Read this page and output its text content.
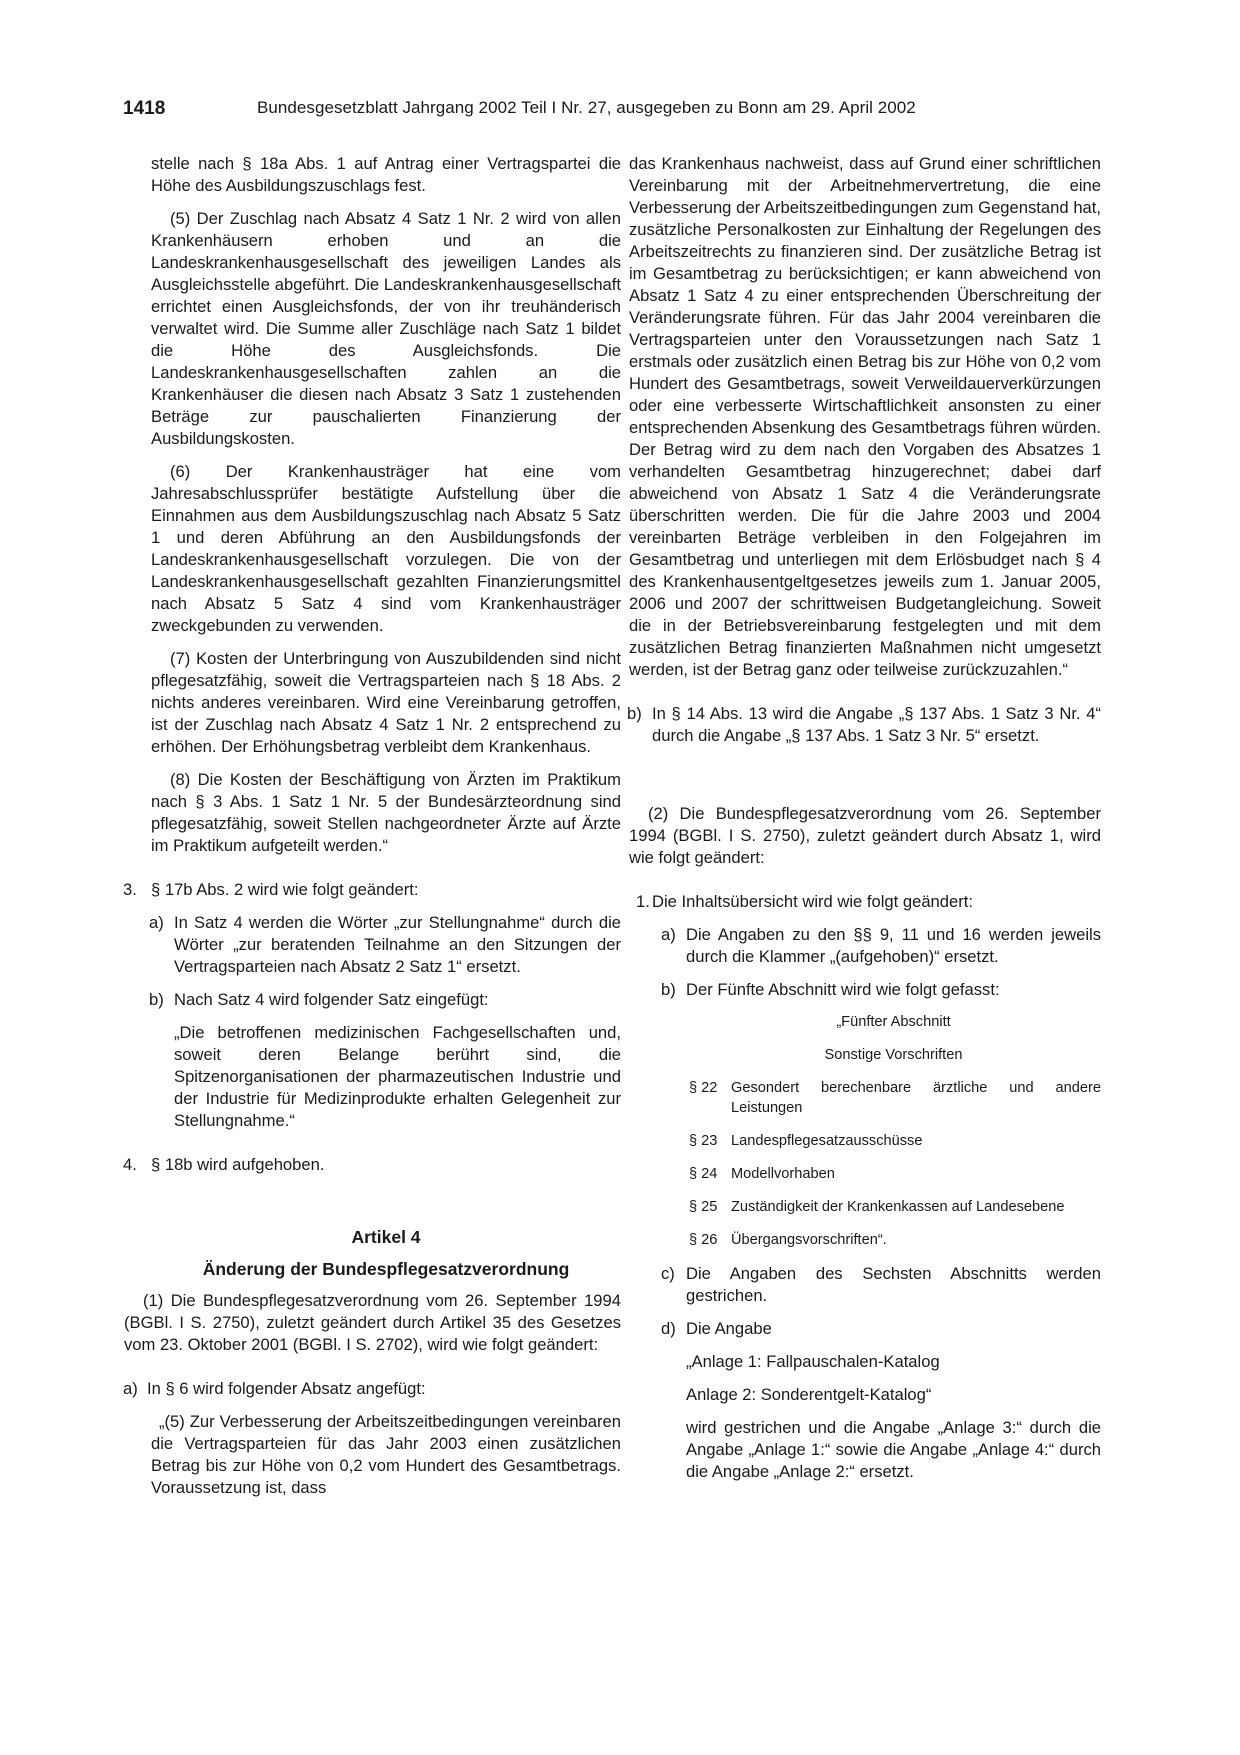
1418	Bundesgesetzblatt Jahrgang 2002 Teil I Nr. 27, ausgegeben zu Bonn am 29. April 2002

stelle nach § 18a Abs. 1 auf Antrag einer Vertragspartei die Höhe des Ausbildungszuschlags fest.

(5) Der Zuschlag nach Absatz 4 Satz 1 Nr. 2 wird von allen Krankenhäusern erhoben und an die Landeskrankenhausgesellschaft des jeweiligen Landes als Ausgleichsstelle abgeführt. Die Landeskrankenhausgesellschaft errichtet einen Ausgleichsfonds, der von ihr treuhänderisch verwaltet wird. Die Summe aller Zuschläge nach Satz 1 bildet die Höhe des Ausgleichsfonds. Die Landeskrankenhausgesellschaften zahlen an die Krankenhäuser die diesen nach Absatz 3 Satz 1 zustehenden Beträge zur pauschalierten Finanzierung der Ausbildungskosten.

(6) Der Krankenhausträger hat eine vom Jahresabschlussprüfer bestätigte Aufstellung über die Einnahmen aus dem Ausbildungszuschlag nach Absatz 5 Satz 1 und deren Abführung an den Ausbildungsfonds der Landeskrankenhausgesellschaft vorzulegen. Die von der Landeskrankenhausgesellschaft gezahlten Finanzierungsmittel nach Absatz 5 Satz 4 sind vom Krankenhausträger zweckgebunden zu verwenden.

(7) Kosten der Unterbringung von Auszubildenden sind nicht pflegesatzfähig, soweit die Vertragsparteien nach § 18 Abs. 2 nichts anderes vereinbaren. Wird eine Vereinbarung getroffen, ist der Zuschlag nach Absatz 4 Satz 1 Nr. 2 entsprechend zu erhöhen. Der Erhöhungsbetrag verbleibt dem Krankenhaus.

(8) Die Kosten der Beschäftigung von Ärzten im Praktikum nach § 3 Abs. 1 Satz 1 Nr. 5 der Bundesärzteordnung sind pflegesatzfähig, soweit Stellen nachgeordneter Ärzte auf Ärzte im Praktikum aufgeteilt werden.“

3. § 17b Abs. 2 wird wie folgt geändert:
a) In Satz 4 werden die Wörter „zur Stellungnahme“ durch die Wörter „zur beratenden Teilnahme an den Sitzungen der Vertragsparteien nach Absatz 2 Satz 1“ ersetzt.
b) Nach Satz 4 wird folgender Satz eingefügt:

„Die betroffenen medizinischen Fachgesellschaften und, soweit deren Belange berührt sind, die Spitzenorganisationen der pharmazeutischen Industrie und der Industrie für Medizinprodukte erhalten Gelegenheit zur Stellungnahme.“

4. § 18b wird aufgehoben.

Artikel 4

Änderung der Bundespflegesatzverordnung

(1) Die Bundespflegesatzverordnung vom 26. September 1994 (BGBl. I S. 2750), zuletzt geändert durch Artikel 35 des Gesetzes vom 23. Oktober 2001 (BGBl. I S. 2702), wird wie folgt geändert:

a) In § 6 wird folgender Absatz angefügt:

„(5) Zur Verbesserung der Arbeitszeitbedingungen vereinbaren die Vertragsparteien für das Jahr 2003 einen zusätzlichen Betrag bis zur Höhe von 0,2 vom Hundert des Gesamtbetrags. Voraussetzung ist, dass

das Krankenhaus nachweist, dass auf Grund einer schriftlichen Vereinbarung mit der Arbeitnehmervertretung, die eine Verbesserung der Arbeitszeitbedingungen zum Gegenstand hat, zusätzliche Personalkosten zur Einhaltung der Regelungen des Arbeitszeitrechts zu finanzieren sind. Der zusätzliche Betrag ist im Gesamtbetrag zu berücksichtigen; er kann abweichend von Absatz 1 Satz 4 zu einer entsprechenden Überschreitung der Veränderungsrate führen. Für das Jahr 2004 vereinbaren die Vertragsparteien unter den Voraussetzungen nach Satz 1 erstmals oder zusätzlich einen Betrag bis zur Höhe von 0,2 vom Hundert des Gesamtbetrags, soweit Verweildauerverkürzungen oder eine verbesserte Wirtschaftlichkeit ansonsten zu einer entsprechenden Absenkung des Gesamtbetrags führen würden. Der Betrag wird zu dem nach den Vorgaben des Absatzes 1 verhandelten Gesamtbetrag hinzugerechnet; dabei darf abweichend von Absatz 1 Satz 4 die Veränderungsrate überschritten werden. Die für die Jahre 2003 und 2004 vereinbarten Beträge verbleiben in den Folgejahren im Gesamtbetrag und unterliegen mit dem Erlösbudget nach § 4 des Krankenhausentgeltgesetzes jeweils zum 1. Januar 2005, 2006 und 2007 der schrittweisen Budgetangleichung. Soweit die in der Betriebsvereinbarung festgelegten und mit dem zusätzlichen Betrag finanzierten Maßnahmen nicht umgesetzt werden, ist der Betrag ganz oder teilweise zurückzuzahlen.“

b) In § 14 Abs. 13 wird die Angabe „§ 137 Abs. 1 Satz 3 Nr. 4“ durch die Angabe „§ 137 Abs. 1 Satz 3 Nr. 5“ ersetzt.

(2) Die Bundespflegesatzverordnung vom 26. September 1994 (BGBl. I S. 2750), zuletzt geändert durch Absatz 1, wird wie folgt geändert:

1. Die Inhaltsübersicht wird wie folgt geändert:
a) Die Angaben zu den §§ 9, 11 und 16 werden jeweils durch die Klammer „(aufgehoben)“ ersetzt.
b) Der Fünfte Abschnitt wird wie folgt gefasst:

„Fünfter Abschnitt

Sonstige Vorschriften

§ 22 Gesondert berechenbare ärztliche und andere Leistungen
§ 23 Landespflegesatzausschüsse
§ 24 Modellvorhaben
§ 25 Zuständigkeit der Krankenkassen auf Landesebene
§ 26 Übergangsvorschriften“.
c) Die Angaben des Sechsten Abschnitts werden gestrichen.
d) Die Angabe

„Anlage 1: Fallpauschalen-Katalog

Anlage 2: Sonderentgelt-Katalog“

wird gestrichen und die Angabe „Anlage 3:“ durch die Angabe „Anlage 1:“ sowie die Angabe „Anlage 4:“ durch die Angabe „Anlage 2:“ ersetzt.
